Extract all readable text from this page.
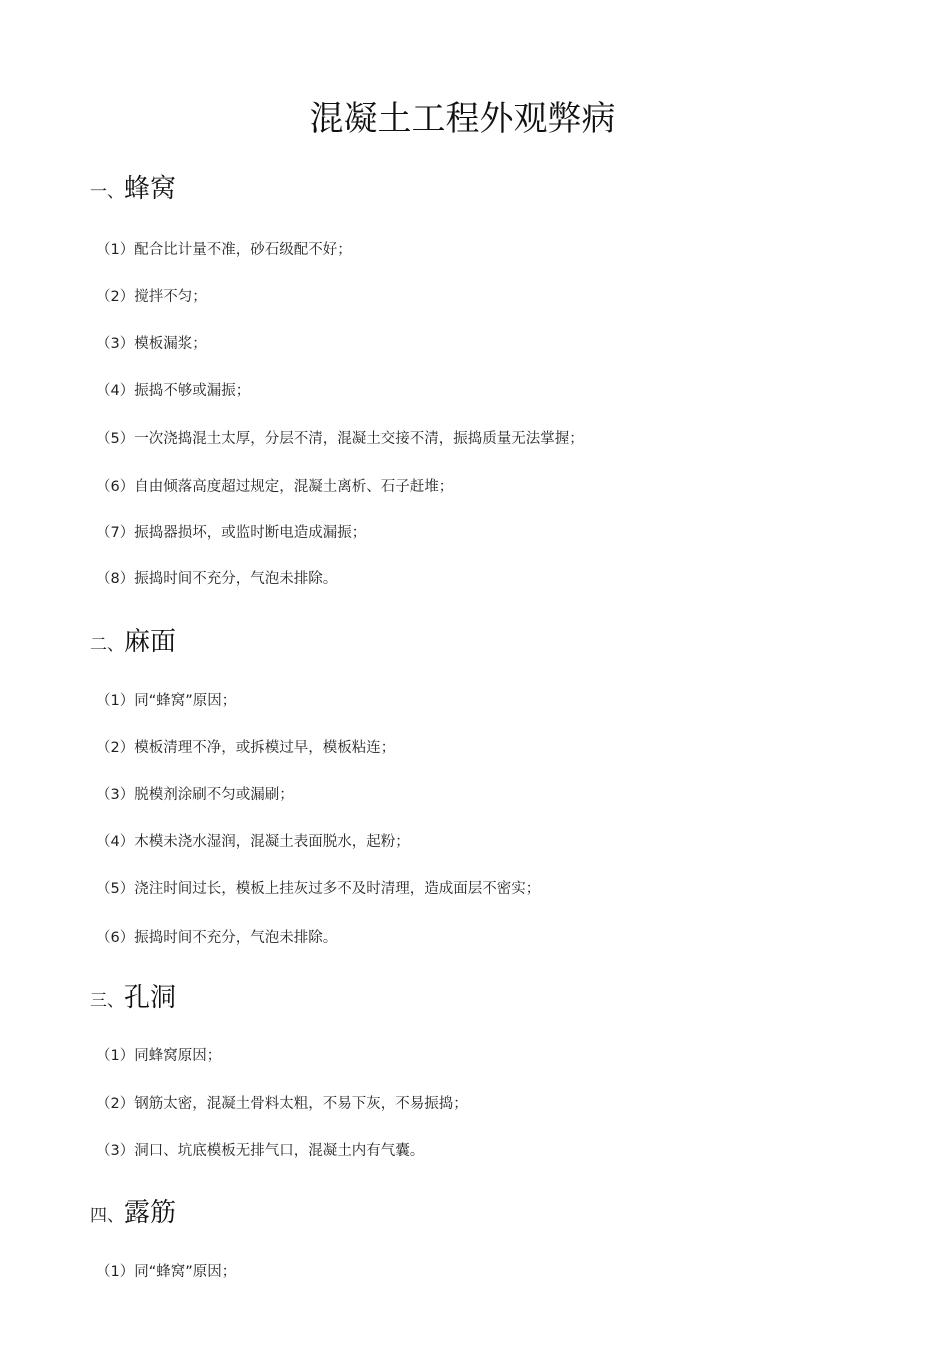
混凝土工程外观弊病
一、蜂窝
（1）配合比计量不准，砂石级配不好；
（2）搅拌不匀；
（3）模板漏浆；
（4）振捣不够或漏振；
（5）一次浇捣混土太厚，分层不清，混凝土交接不清，振捣质量无法掌握；
（6）自由倾落高度超过规定，混凝土离析、石子赶堆；
（7）振捣器损坏，或监时断电造成漏振；
（8）振捣时间不充分，气泡未排除。
二、麻面
（1）同“蜂窝”原因；
（2）模板清理不净，或拆模过早，模板粘连；
（3）脱模剂涂刷不匀或漏刷；
（4）木模未浇水湿润，混凝土表面脱水，起粉；
（5）浇注时间过长，模板上挂灰过多不及时清理，造成面层不密实；
（6）振捣时间不充分，气泡未排除。
三、孔洞
（1）同蜂窝原因；
（2）钢筋太密，混凝土骨料太粗，不易下灰，不易振捣；
（3）洞口、坑底模板无排气口，混凝土内有气囊。
四、露筋
（1）同“蜂窝”原因；
